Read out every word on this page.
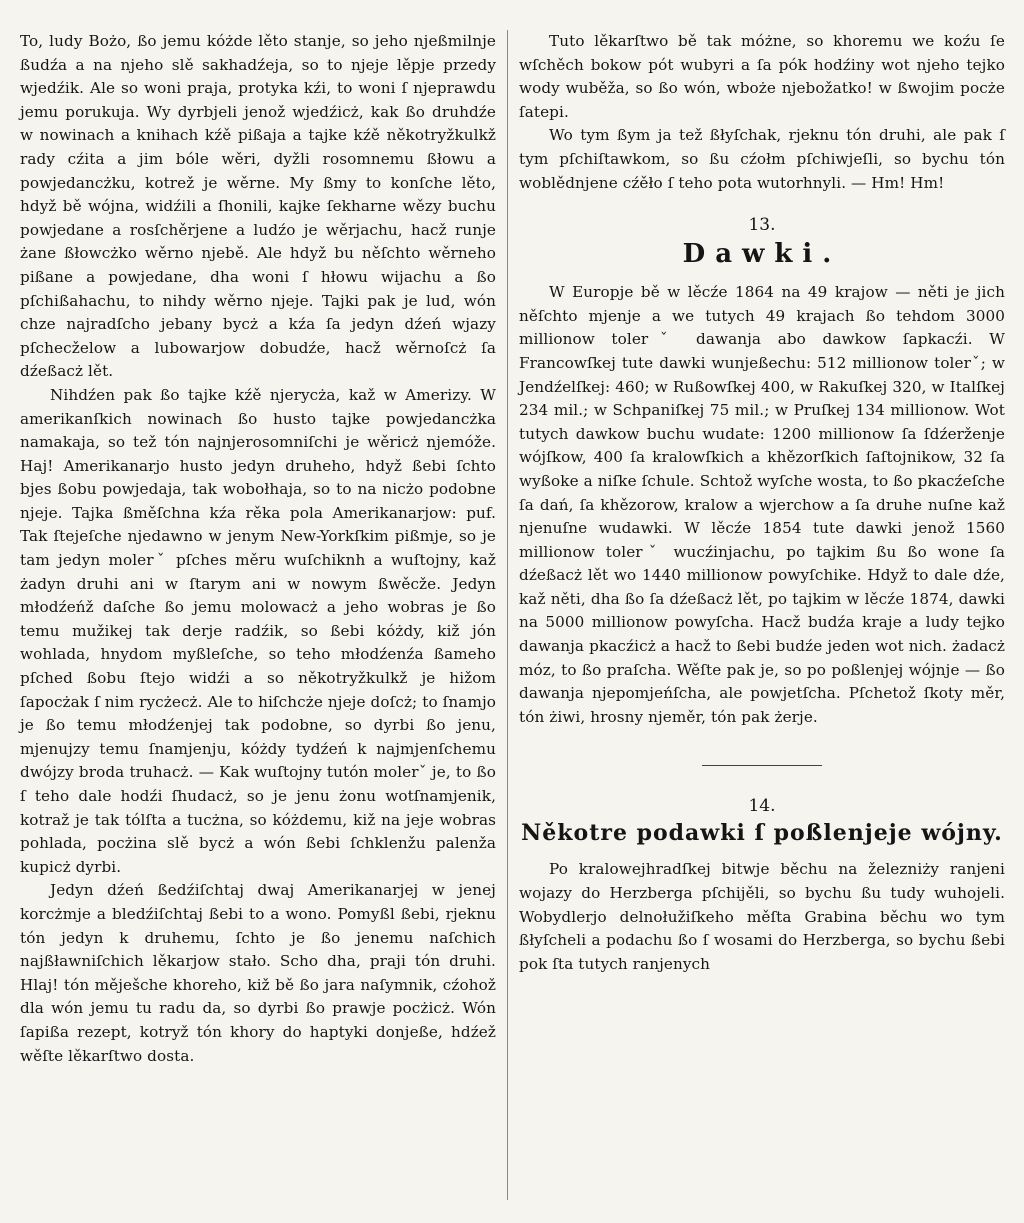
To, ludy Bożo, ßo jemu kóżde lěto stanje, so jeho njeßmilnje ßudźa a na njeho slě sakhadźeja, so to njeje lěpje przedy wjedźik. Ale so woni praja, protyka kźi, to woni ſ njeprawdu jemu porukuja. Wy dyrbjeli jenož wjedźicż, kak ßo druhdźe w nowinach a knihach kźě pißaja a tajke kźě někotryžkulkž rady cźita a jim bóle wěri, dyžli rosomnemu ßłowu a powjedancżku, kotrež je wěrne. My ßmy to konſche lěto, hdyž bě wójna, widźili a ſhonili, kajke ſekharne wězy buchu powjedane a rosſchěrjene a ludźo je wěrjachu, hacž runje żane ßłowcżko wěrno njebě. Ale hdyž bu něſchto wěrneho pißane a powjedane, dha woni ſ hłowu wijachu a ßo pſchißahachu, to nihdy wěrno njeje. Tajki pak je lud, wón chze najradſcho jebany bycż a kźa ſa jedyn dźeń wjazy pſchecželow a lubowarjow dobudźe, hacž wěrnoſcż ſa dźeßacż lět.

Nihdźen pak ßo tajke kźě njerycża, kaž w Amerizy. W amerikanſkich nowinach ßo husto tajke powjedancżka namakaja, so tež tón najnjerosomniſchi je wěricż njemóže. Haj! Amerikanarjo husto jedyn druheho, hdyž ßebi ſchto bjes ßobu powjedaja, tak wobołhaja, so to na nicżo podobne njeje. Tajka ßměſchna kźa rěka pola Amerikanarjow: puf. Tak ſtejeſche njedawno w jenym New-Yorkſkim pißmje, so je tam jedyn molerˇ pſches měru wuſchiknh a wuſtojny, kaž żadyn druhi ani w ſtarym ani w nowym ßwěcže. Jedyn młodźeńž daſche ßo jemu molowacż a jeho wobras je ßo temu mužikej tak derje radźik, so ßebi kóżdy, kiž jón wohlada, hnydom myßleſche, so teho młodźenźa ßameho pſched ßobu ſtejo widźi a so někotryžkulkž je hižom ſapocżak ſ nim rycżecż. Ale to hiſchcże njeje doſcż; to ſnamjo je ßo temu młodźenjej tak podobne, so dyrbi ßo jenu, mjenujzy temu ſnamjenju, kóżdy tydźeń k najmjenſchemu dwójzy broda truhacż. — Kak wuſtojny tutón molerˇ je, to ßo ſ teho dale hodźi ſhudacż, so je jenu żonu wotſnamjenik, kotraž je tak tólſta a tucżna, so kóżdemu, kiž na jeje wobras pohlada, pocżina slě bycż a wón ßebi ſchklenžu palenža kupicż dyrbi.

Jedyn dźeń ßedźiſchtaj dwaj Amerikanarjej w jenej korcżmje a bledźiſchtaj ßebi to a wono. Pomyßl ßebi, rjeknu tón jedyn k druhemu, ſchto je ßo jenemu naſchich najßławniſchich lěkarjow stało. Scho dha, praji tón druhi. Hlaj! tón měješche khoreho, kiž bě ßo jara naſymnik, cźohož dla wón jemu tu radu da, so dyrbi ßo prawje pocżicż. Wón ſapißa rezept, kotryž tón khory do haptyki donjeße, hdźež wěſte lěkarſtwo dosta.

Tuto lěkarſtwo bě tak móżne, so khoremu we koźu ſe wſchěch bokow pót wubyri a ſa pók hodźiny wot njeho tejko wody wuběža, so ßo wón, wboże njebožatko! w ßwojim pocże ſatepi.

Wo tym ßym ja tež ßłyſchak, rjeknu tón druhi, ale pak ſ tym pſchiſtawkom, so ßu cźołm pſchiwjeſli, so bychu tón woblědnjene cźěło ſ teho pota wutorhnyli. — Hm! Hm!

13.
Dawki.

W Europje bě w lěcźe 1864 na 49 krajow — něti je jich něſchto mjenje a we tutych 49 krajach ßo tehdom 3000 millionow tolerˇ dawanja abo dawkow ſapkacźi. W Francowſkej tute dawki wunjeßechu: 512 millionow tolerˇ; w Jendźelſkej: 460; w Rußowſkej 400, w Rakuſkej 320, w Italſkej 234 mil.; w Schpaniſkej 75 mil.; w Pruſkej 134 millionow. Wot tutych dawkow buchu wudate: 1200 millionow ſa ſdźerženje wójſkow, 400 ſa kralowſkich a khězorſkich ſaſtojnikow, 32 ſa wyßoke a niſke ſchule. Schtož wyſche wosta, to ßo pkacźeſche ſa dań, ſa khězorow, kralow a wjerchow a ſa druhe nuſne kaž njenuſne wudawki. W lěcźe 1854 tute dawki jenož 1560 millionow tolerˇ wucźinjachu, po tajkim ßu ßo wone ſa dźeßacż lět wo 1440 millionow powyſchike. Hdyž to dale dźe, kaž něti, dha ßo ſa dźeßacż lět, po tajkim w lěcźe 1874, dawki na 5000 millionow powyſcha. Hacž budźa kraje a ludy tejko dawanja pkacźicż a hacž to ßebi budźe jeden wot nich. żadacż móz, to ßo praſcha. Wěſte pak je, so po poßlenjej wójnje — ßo dawanja njepomjeńſcha, ale powjetſcha. Pſchetož ſkoty měr, tón żiwi, hrosny njeměr, tón pak żerje.

14.
Někotre podawki ſ poßlenjeje wójny.

Po kralowejhradſkej bitwje běchu na železniży ranjeni wojazy do Herzberga pſchijěli, so bychu ßu tudy wuhojeli. Wobydlerjo delnołužiſkeho měſta Grabina běchu wo tym ßłyſcheli a podachu ßo ſ wosami do Herzberga, so bychu ßebi pok ſta tutych ranjenych
